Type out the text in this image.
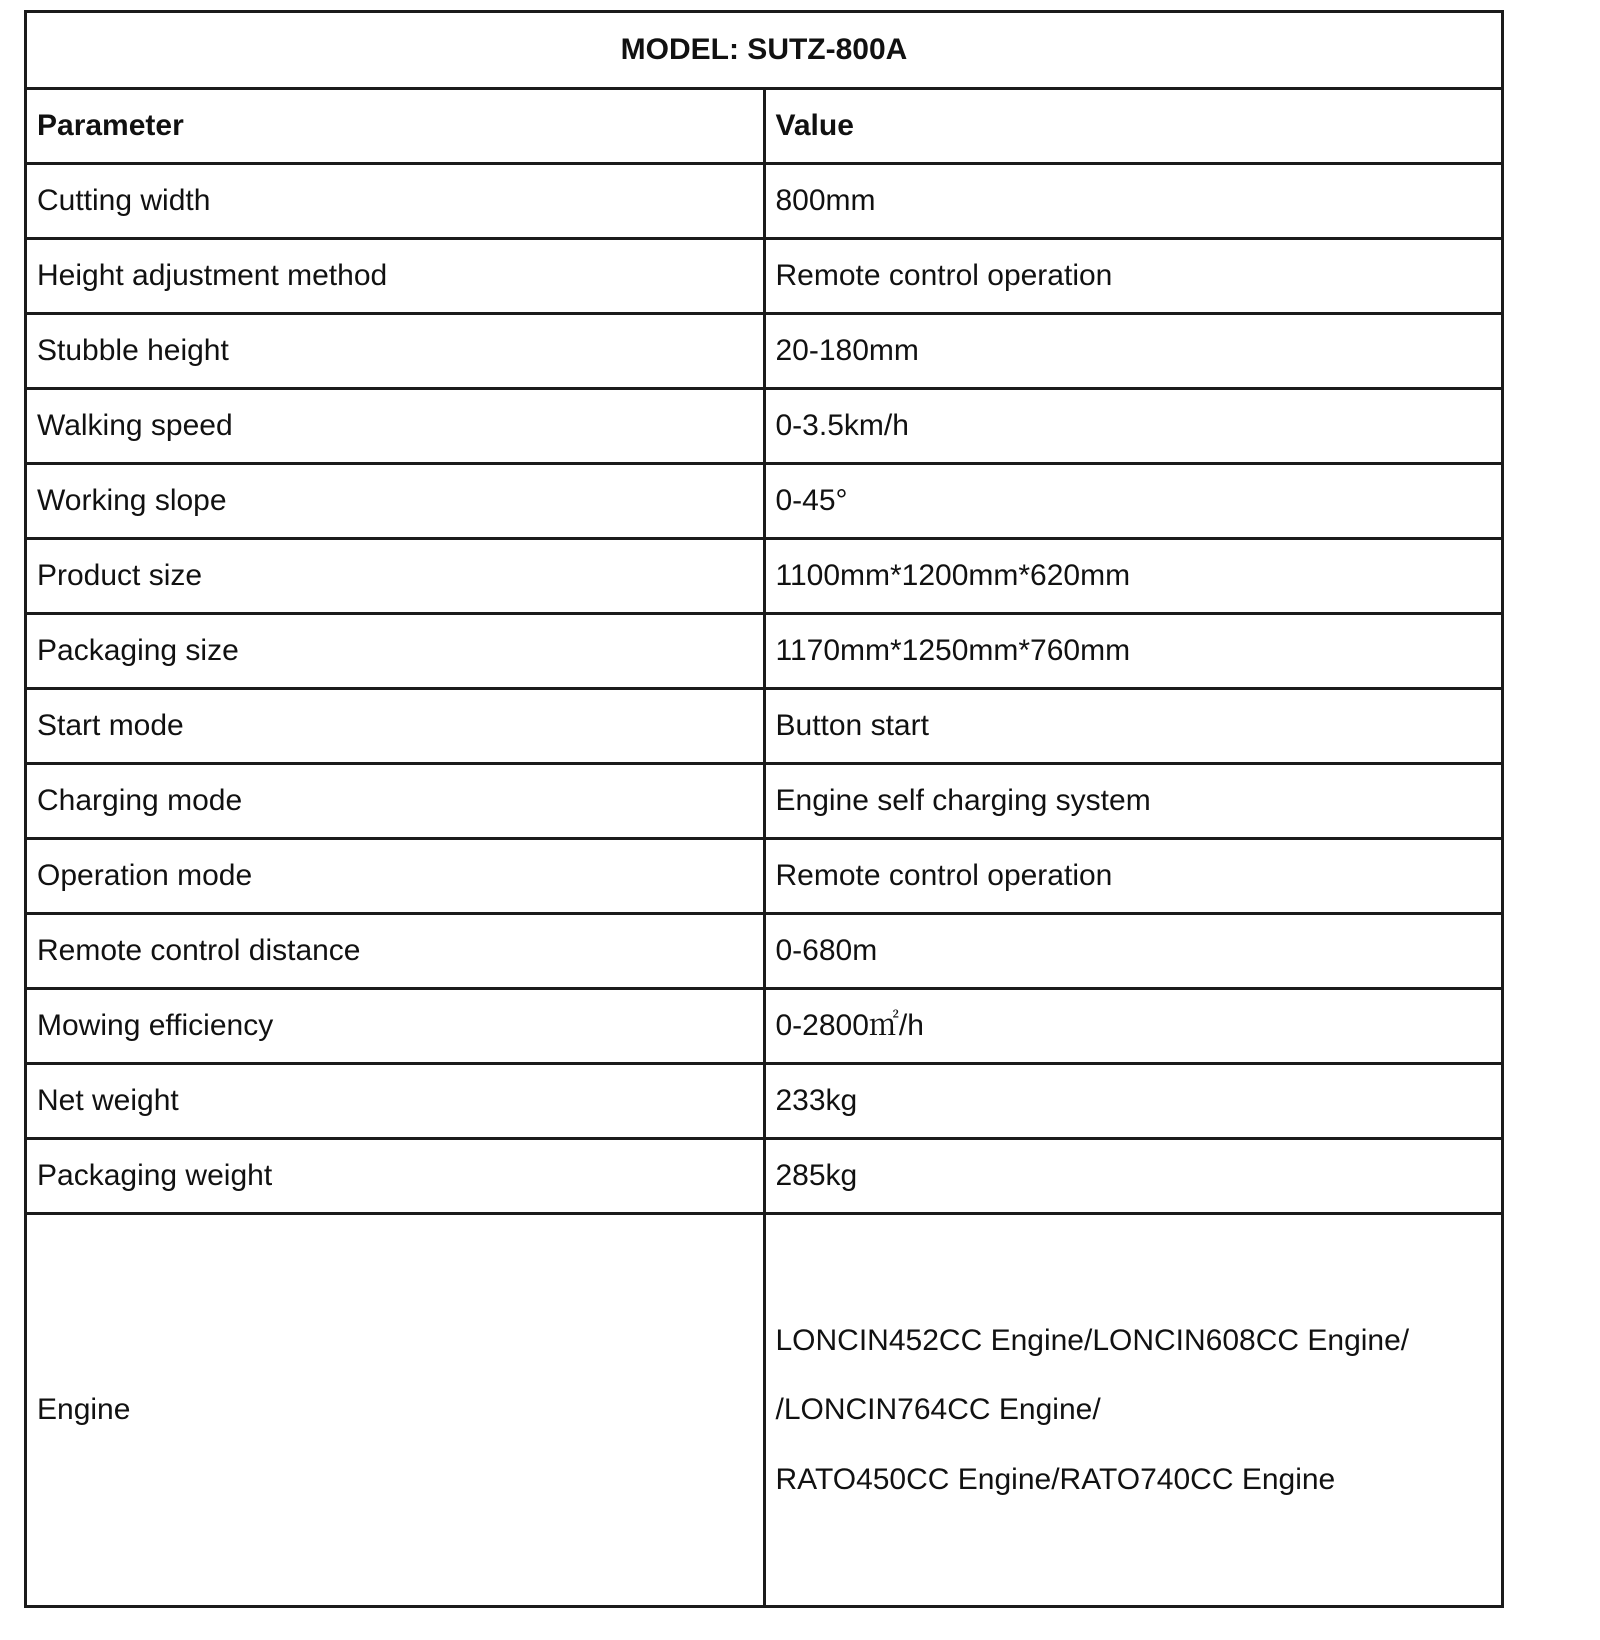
MODEL: SUTZ-800A	
Parameter	Value
Cutting width	800mm
Height adjustment method	Remote control operation
Stubble height	20-180mm
Walking speed	0-3.5km/h
Working slope	0-45°
Product size	1100mm*1200mm*620mm
Packaging size	1170mm*1250mm*760mm
Start mode	Button start
Charging mode	Engine self charging system
Operation mode	Remote control operation
Remote control distance	0-680m
Mowing efficiency	0-2800㎡/h
Net weight	233kg
Packaging weight	285kg
Engine	LONCIN452CC Engine/LONCIN608CC Engine/
/LONCIN764CC Engine/
RATO450CC Engine/RATO740CC Engine
